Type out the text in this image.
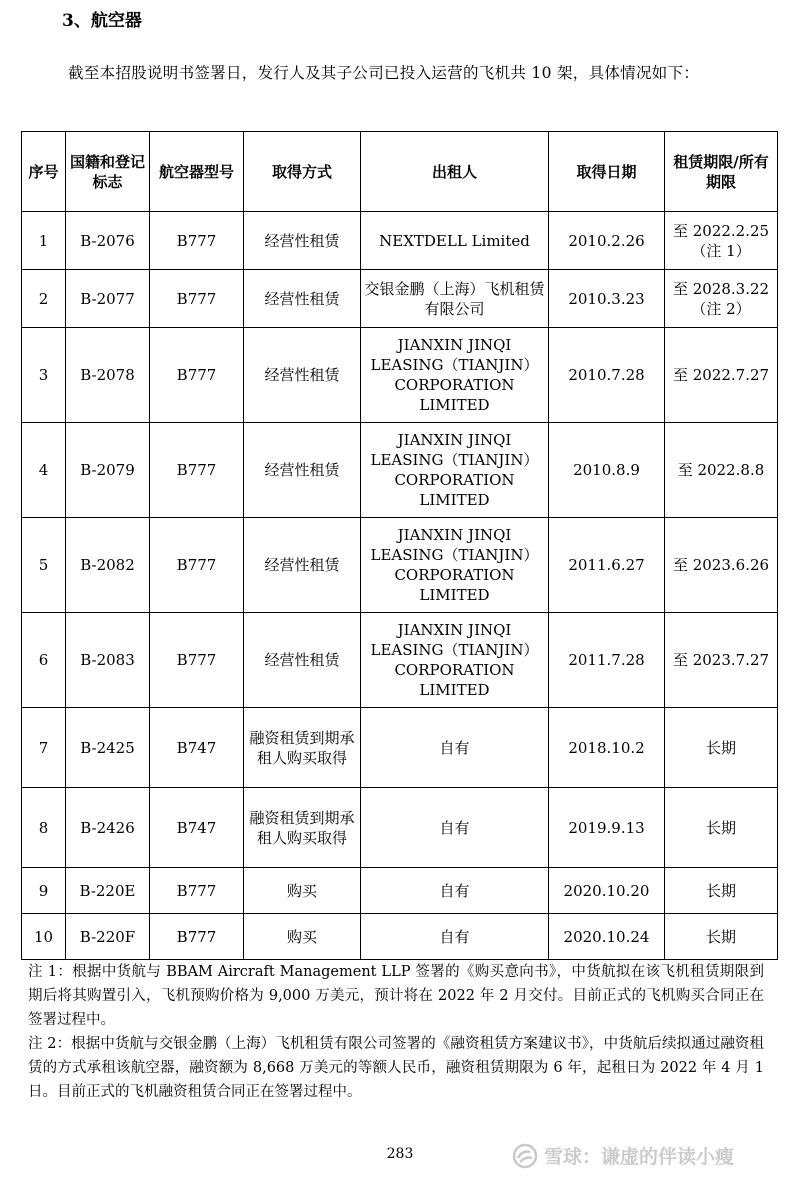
3、航空器
截至本招股说明书签署日，发行人及其子公司已投入运营的飞机共 10 架，具体情况如下：
序号	国籍和登记标志	航空器型号	取得方式	出租人	取得日期	租赁期限/所有期限
1	B-2076	B777	经营性租赁	NEXTDELL Limited	2010.2.26	至 2022.2.25（注 1）
2	B-2077	B777	经营性租赁	交银金鹏（上海）飞机租赁有限公司	2010.3.23	至 2028.3.22（注 2）
3	B-2078	B777	经营性租赁	JIANXIN JINQI LEASING（TIANJIN）CORPORATION LIMITED	2010.7.28	至 2022.7.27
4	B-2079	B777	经营性租赁	JIANXIN JINQI LEASING（TIANJIN）CORPORATION LIMITED	2010.8.9	至 2022.8.8
5	B-2082	B777	经营性租赁	JIANXIN JINQI LEASING（TIANJIN）CORPORATION LIMITED	2011.6.27	至 2023.6.26
6	B-2083	B777	经营性租赁	JIANXIN JINQI LEASING（TIANJIN）CORPORATION LIMITED	2011.7.28	至 2023.7.27
7	B-2425	B747	融资租赁到期承租人购买取得	自有	2018.10.2	长期
8	B-2426	B747	融资租赁到期承租人购买取得	自有	2019.9.13	长期
9	B-220E	B777	购买	自有	2020.10.20	长期
10	B-220F	B777	购买	自有	2020.10.24	长期

注 1：根据中货航与 BBAM Aircraft Management LLP 签署的《购买意向书》，中货航拟在该飞机租赁期限到期后将其购置引入，飞机预购价格为 9,000 万美元，预计将在 2022 年 2 月交付。目前正式的飞机购买合同正在签署过程中。

注 2：根据中货航与交银金鹏（上海）飞机租赁有限公司签署的《融资租赁方案建议书》，中货航后续拟通过融资租赁的方式承租该航空器，融资额为 8,668 万美元的等额人民币，融资租赁期限为 6 年，起租日为 2022 年 4 月 1 日。目前正式的飞机融资租赁合同正在签署过程中。

283	雪球：谦虚的伴读小瘦
